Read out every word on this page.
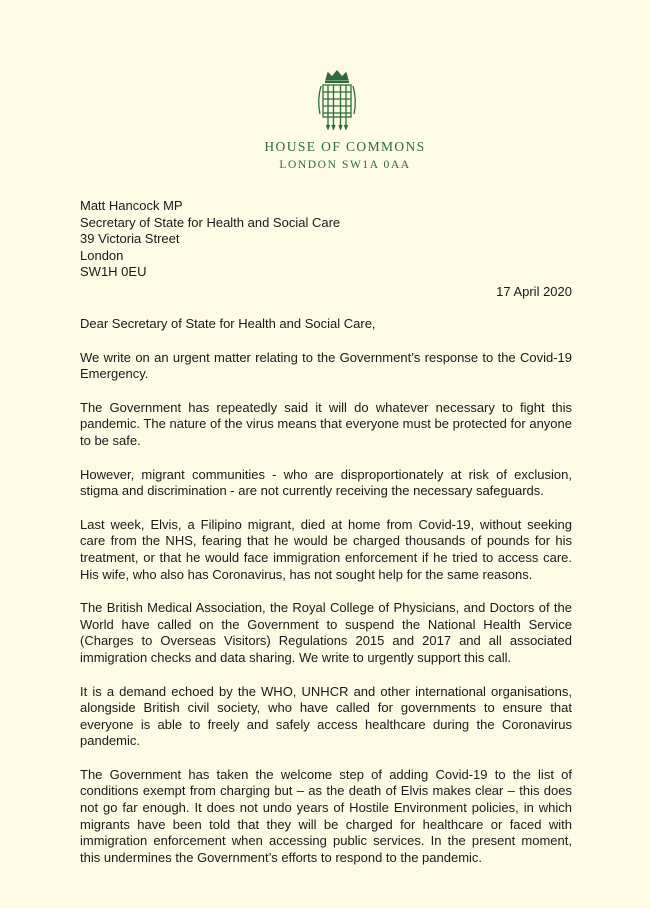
HOUSE OF COMMONS
LONDON SW1A 0AA
Matt Hancock MP
Secretary of State for Health and Social Care
39 Victoria Street
London
SW1H 0EU
17 April 2020

Dear Secretary of State for Health and Social Care,

We write on an urgent matter relating to the Government’s response to the Covid-19 Emergency.

The Government has repeatedly said it will do whatever necessary to fight this pandemic. The nature of the virus means that everyone must be protected for anyone to be safe.

However, migrant communities - who are disproportionately at risk of exclusion, stigma and discrimination - are not currently receiving the necessary safeguards.

Last week, Elvis, a Filipino migrant, died at home from Covid-19, without seeking care from the NHS, fearing that he would be charged thousands of pounds for his treatment, or that he would face immigration enforcement if he tried to access care. His wife, who also has Coronavirus, has not sought help for the same reasons.

The British Medical Association, the Royal College of Physicians, and Doctors of the World have called on the Government to suspend the National Health Service (Charges to Overseas Visitors) Regulations 2015 and 2017 and all associated immigration checks and data sharing. We write to urgently support this call.

It is a demand echoed by the WHO, UNHCR and other international organisations, alongside British civil society, who have called for governments to ensure that everyone is able to freely and safely access healthcare during the Coronavirus pandemic.

The Government has taken the welcome step of adding Covid-19 to the list of conditions exempt from charging but – as the death of Elvis makes clear – this does not go far enough. It does not undo years of Hostile Environment policies, in which migrants have been told that they will be charged for healthcare or faced with immigration enforcement when accessing public services. In the present moment, this undermines the Government’s efforts to respond to the pandemic.
